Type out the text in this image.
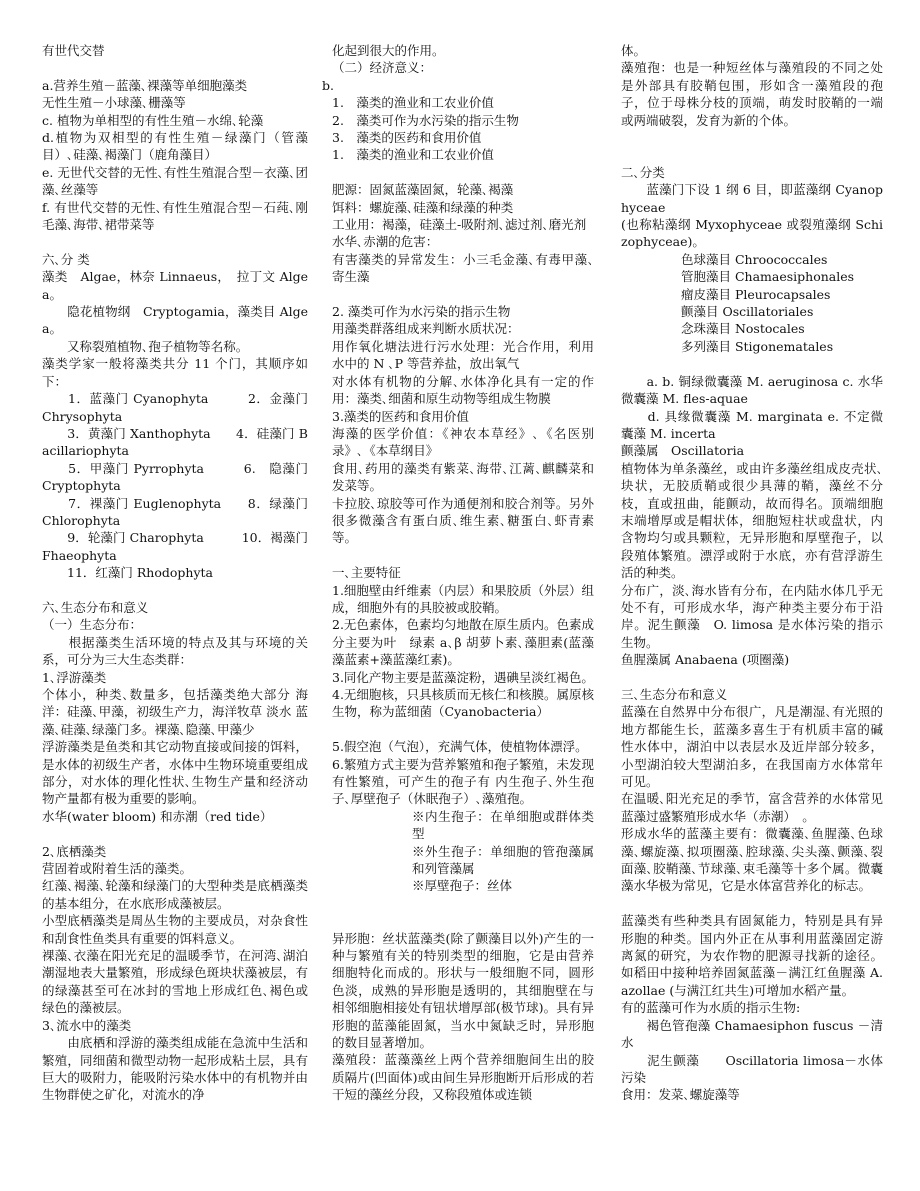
有世代交替
a.营养生殖－蓝藻､裸藻等单细胞藻类
无性生殖－小球藻､栅藻等
c. 植物为单相型的有性生殖－水绵､轮藻
d.植物为双相型的有性生殖－绿藻门（管藻目）､硅藻､褐藻门（鹿角藻目）
e. 无世代交替的无性､有性生殖混合型－衣藻､团藻､丝藻等
f. 有世代交替的无性､有性生殖混合型－石莼､刚毛藻､海带､裙带菜等
六､分 类
藻类　Algae，林奈 Linnaeus，　拉丁文 Algea。
　　隐花植物纲　Cryptogamia，藻类目 Algea。
　　又称裂殖植物､孢子植物等名称。
藻类学家一般将藻类共分 11 个门，其顺序如下：
　　1．蓝藻门 Cyanophyta　　　2．金藻门 Chrysophyta
　　3．黄藻门 Xanthophyta　　4．硅藻门 Bacillariophyta
　　5．甲藻门 Pyrrophyta　　　6.　隐藻门 Cryptophyta
　　7．裸藻门 Euglenophyta　　8．绿藻门 Chlorophyta
　　9．轮藻门 Charophyta　　　10．褐藻门 Fhaeophyta
　　11．红藻门 Rhodophyta
六､生态分布和意义
（一）生态分布：
　　根据藻类生活环境的特点及其与环境的关系，可分为三大生态类群：
1､浮游藻类
个体小，种类､数量多，包括藻类绝大部分 海洋：硅藻､甲藻，初级生产力，海洋牧草 淡水 蓝藻､硅藻､绿藻门多。裸藻､隐藻､甲藻少
浮游藻类是鱼类和其它动物直接或间接的饵料，是水体的初级生产者，水体中生物环境重要组成部分，对水体的理化性状､生物生产量和经济动物产量都有极为重要的影响。
水华(water bloom) 和赤潮（red tide）
2､底栖藻类
营固着或附着生活的藻类。
红藻､褐藻､轮藻和绿藻门的大型种类是底栖藻类的基本组分，在水底形成藻被层。
小型底栖藻类是周丛生物的主要成员，对杂食性和刮食性鱼类具有重要的饵料意义。
裸藻､衣藻在阳光充足的温暖季节，在河湾､湖泊潮湿地表大量繁殖，形成绿色斑块状藻被层，有的绿藻甚至可在冰封的雪地上形成红色､褐色或绿色的藻被层。
3､流水中的藻类
　　由底栖和浮游的藻类组成能在急流中生活和繁殖，同细菌和微型动物一起形成粘土层，具有巨大的吸附力，能吸附污染水体中的有机物并由生物群使之矿化，对流水的净
化起到很大的作用。
（二）经济意义：
b.
1.　藻类的渔业和工农业价值
2.　藻类可作为水污染的指示生物
3.　藻类的医药和食用价值
1.　藻类的渔业和工农业价值
肥源：固氮蓝藻固氮，轮藻､褐藻
饵料：螺旋藻､硅藻和绿藻的种类
工业用：褐藻，硅藻土-吸附剂､滤过剂､磨光剂
水华､赤潮的危害：
有害藻类的异常发生：小三毛金藻､有毒甲藻､寄生藻
2. 藻类可作为水污染的指示生物
用藻类群落组成来判断水质状况：
用作氧化塘法进行污水处理：光合作用，利用水中的 N ､P 等营养盐，放出氧气
对水体有机物的分解､水体净化具有一定的作用：藻类､细菌和原生动物等组成生物膜
3.藻类的医药和食用价值
海藻的医学价值：《神农本草经》､《名医别录》､《本草纲目》
食用､药用的藻类有紫菜､海带､江蓠､麒麟菜和发菜等。
卡拉胶､琼胶等可作为通便剂和胶合剂等。另外很多微藻含有蛋白质､维生素､糖蛋白､虾青素等。
一､主要特征
1.细胞壁由纤维素（内层）和果胶质（外层）组成，细胞外有的具胶被或胶鞘。
2.无色素体，色素均匀地散在原生质内。色素成分主要为叶　绿素 a､β 胡萝卜素､藻胆素(蓝藻藻蓝素+藻蓝藻红素)。
3.同化产物主要是蓝藻淀粉，遇碘呈淡红褐色。
4.无细胞核，只具核质而无核仁和核膜。属原核生物，称为蓝细菌（Cyanobacteria）
5.假空泡（气泡），充满气体，使植物体漂浮。
6.繁殖方式主要为营养繁殖和孢子繁殖，未发现有性繁殖，可产生的孢子有 内生孢子､外生孢子､厚壁孢子（休眠孢子）､藻殖孢。
※内生孢子：在单细胞或群体类型
※外生孢子：单细胞的管孢藻属和列管藻属
※厚壁孢子：丝体
异形胞：丝状蓝藻类(除了颤藻目以外)产生的一种与繁殖有关的特别类型的细胞，它是由营养细胞特化而成的。形状与一般细胞不同，圆形色淡，成熟的异形胞是透明的，其细胞壁在与相邻细胞相接处有钮状增厚部(极节球)。具有异形胞的蓝藻能固氮，当水中氮缺乏时，异形胞的数目显著增加。
藻殖段：蓝藻藻丝上两个营养细胞间生出的胶质隔片(凹面体)或由间生异形胞断开后形成的若干短的藻丝分段，又称段殖体或连锁
体。
藻殖孢：也是一种短丝体与藻殖段的不同之处是外部具有胶鞘包围，形如含一藻殖段的孢子，位于母株分枝的顶端，萌发时胶鞘的一端或两端破裂，发育为新的个体。
二､分类
　　蓝藻门下设 1 纲 6 目，即蓝藻纲 Cyanophyceae
(也称粘藻纲 Myxophyceae 或裂殖藻纲 Schizophyceae)。
色球藻目 Chroococcales
管胞藻目 Chamaesiphonales
瘤皮藻目 Pleurocapsales
颤藻目 Oscillatoriales
念珠藻目 Nostocales
多列藻目 Stigonematales
　　a. b. 铜绿微囊藻 M. aeruginosa c. 水华微囊藻 M. fles-aquae
　　d. 具缘微囊藻 M. marginata e. 不定微囊藻 M. incerta
颤藻属　Oscillatoria
植物体为单条藻丝，或由许多藻丝组成皮壳状､块状，无胶质鞘或很少具薄的鞘，藻丝不分枝，直或扭曲，能颤动，故而得名。顶端细胞末端增厚或是帽状体，细胞短柱状或盘状，内含物均匀或具颗粒，无异形胞和厚壁孢子，以段殖体繁殖。漂浮或附于水底，亦有营浮游生活的种类。
分布广，淡､海水皆有分布，在内陆水体几乎无处不有，可形成水华，海产种类主要分布于沿岸。泥生颤藻　O. limosa 是水体污染的指示生物。
鱼腥藻属 Anabaena (项圈藻)
三､生态分布和意义
蓝藻在自然界中分布很广，凡是潮湿､有光照的地方都能生长，蓝藻多喜生于有机质丰富的碱性水体中，湖泊中以表层水及近岸部分较多，小型湖泊较大型湖泊多，在我国南方水体常年可见。
在温暖､阳光充足的季节，富含营养的水体常见蓝藻过盛繁殖形成水华（赤潮）　。
形成水华的蓝藻主要有：微囊藻､鱼腥藻､色球藻､螺旋藻､拟项圈藻､腔球藻､尖头藻､颤藻､裂面藻､胶鞘藻､节球藻､束毛藻等十多个属。微囊藻水华极为常见，它是水体富营养化的标志。
蓝藻类有些种类具有固氮能力，特别是具有异形胞的种类。国内外正在从事利用蓝藻固定游离氮的研究，为农作物的肥源寻找新的途径。如稻田中接种培养固氮蓝藻－满江红鱼腥藻 A. azollae (与满江红共生)可增加水稻产量。
有的蓝藻可作为水质的指示生物:
　　褐色管孢藻 Chamaesiphon fuscus －清水
　　泥生颤藻　　Oscillatoria limosa－水体污染
食用：发菜､螺旋藻等
